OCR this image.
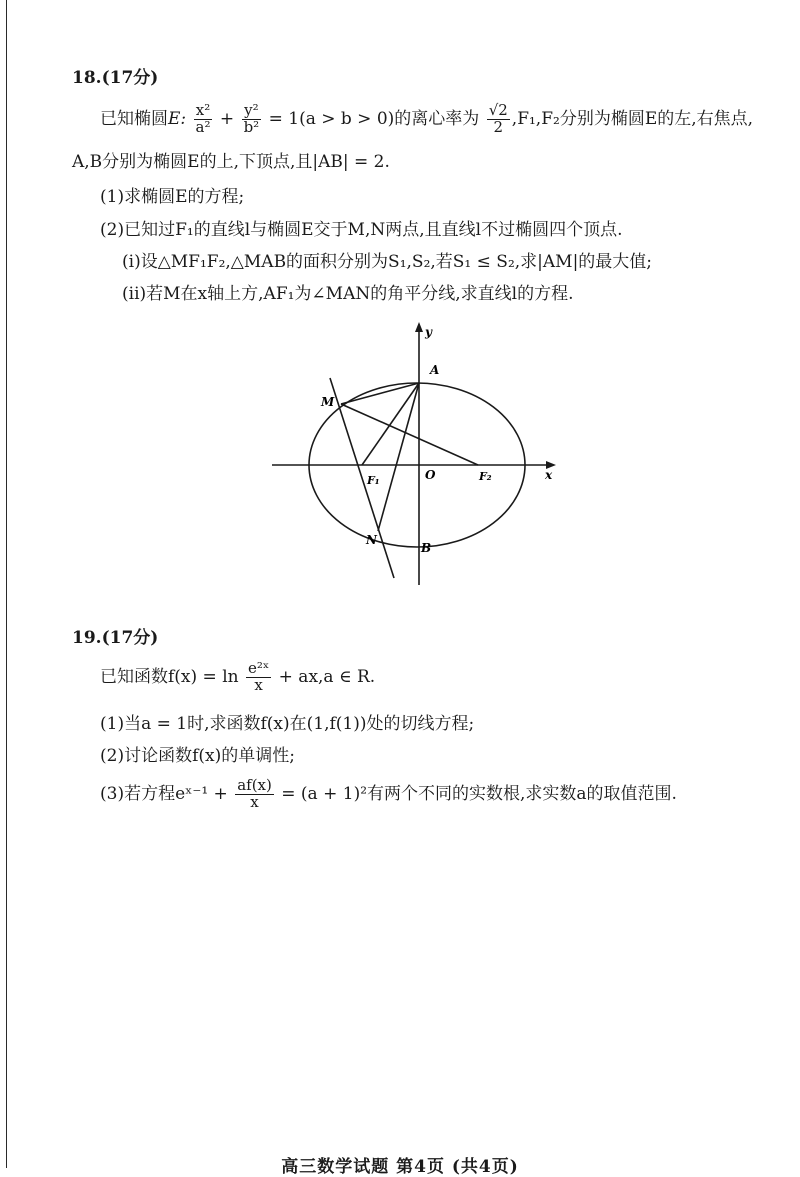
18.(17分)
已知椭圆E: $\frac{\text{x²}}{\text{a²}} + \frac{\text{y²}}{\text{b²}} = 1(a > b > 0)$的离心率为 $\frac{√2}{2} ,F_1,F_2$分别为椭圆E的左,右焦点,
A,B分别为椭圆E的上,下顶点,且|AB| = 2.
(1)求椭圆E的方程;
(2)已知过F₁的直线l与椭圆E交于M,N两点,且直线l不过椭圆四个顶点.
(i)设△MF₁F₂,△MAB的面积分别为S₁,S₂,若S₁ ≤ S₂,求|AM|的最大值;
(ii)若M在x轴上方,AF₁为∠MAN的角平分线,求直线l的方程.
y
x
A
B
M
N
O
F₁	F₂
19.(17分)
已知函数$f(x) = \ln \frac{\text{e²ˣ}}{x} + ax,a$ ∈ R.
(1)当a = 1时,求函数f(x)在(1,f(1))处的切线方程;
(2)讨论函数f(x)的单调性;
(3)若方程eˣ⁻¹ + $\frac{af(x)}{x} = (a + 1)^2$有两个不同的实数根,求实数a的取值范围.
高三数学试题 第4页 (共4页)
